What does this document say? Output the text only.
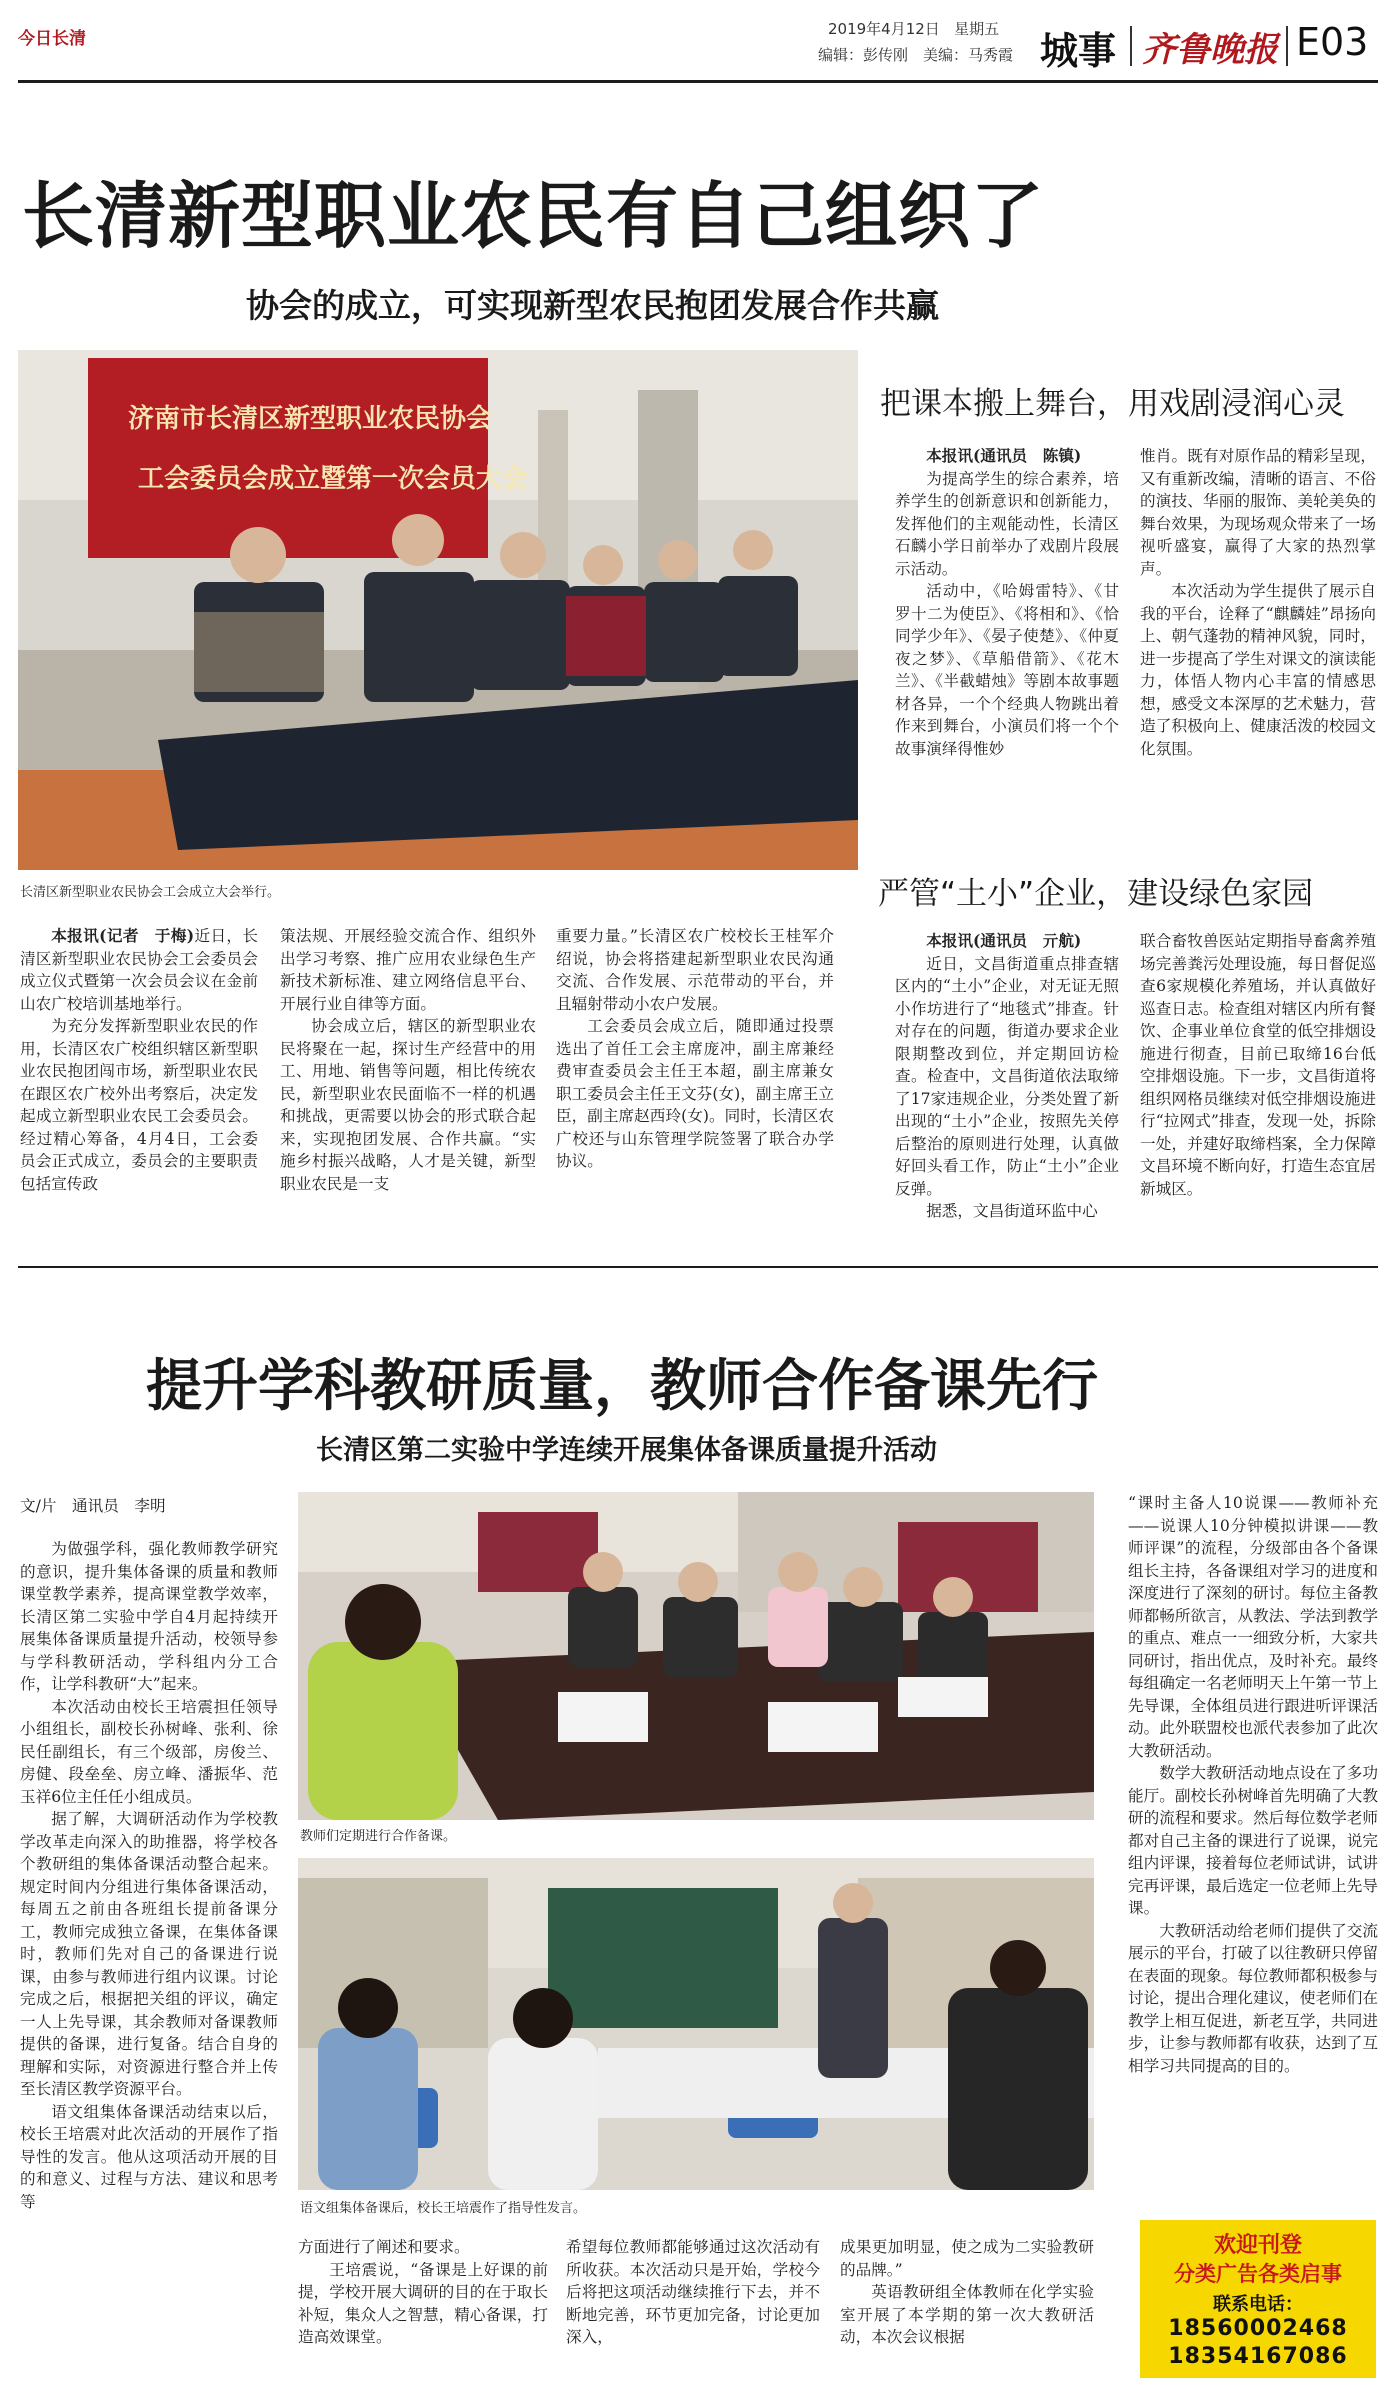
今日长清	2019年4月12日 星期五
编辑：彭传刚　美编：马秀霞 城事 齐鲁晚报 E03
长清新型职业农民有自己组织了
协会的成立，可实现新型农民抱团发展合作共赢
济南市长清区新型职业农民协会
工会委员会成立暨第一次会员大会
长清区新型职业农民协会工会成立大会举行。

本报讯(记者　于梅)近日，长清区新型职业农民协会工会委员会成立仪式暨第一次会员会议在金前山农广校培训基地举行。

为充分发挥新型职业农民的作用，长清区农广校组织辖区新型职业农民抱团闯市场，新型职业农民在跟区农广校外出考察后，决定发起成立新型职业农民工会委员会。经过精心筹备，4月4日，工会委员会正式成立，委员会的主要职责包括宣传政

策法规、开展经验交流合作、组织外出学习考察、推广应用农业绿色生产新技术新标准、建立网络信息平台、开展行业自律等方面。

协会成立后，辖区的新型职业农民将聚在一起，探讨生产经营中的用工、用地、销售等问题，相比传统农民，新型职业农民面临不一样的机遇和挑战，更需要以协会的形式联合起来，实现抱团发展、合作共赢。“实施乡村振兴战略，人才是关键，新型职业农民是一支

重要力量。”长清区农广校校长王桂军介绍说，协会将搭建起新型职业农民沟通交流、合作发展、示范带动的平台，并且辐射带动小农户发展。

工会委员会成立后，随即通过投票选出了首任工会主席庞冲，副主席兼经费审查委员会主任王本超，副主席兼女职工委员会主任王文芬(女)，副主席王立臣，副主席赵西玲(女)。同时，长清区农广校还与山东管理学院签署了联合办学协议。

把课本搬上舞台，用戏剧浸润心灵

本报讯(通讯员　陈镇)

为提高学生的综合素养，培养学生的创新意识和创新能力，发挥他们的主观能动性，长清区石麟小学日前举办了戏剧片段展示活动。

活动中，《哈姆雷特》、《甘罗十二为使臣》、《将相和》、《恰同学少年》、《晏子使楚》、《仲夏夜之梦》、《草船借箭》、《花木兰》、《半截蜡烛》等剧本故事题材各异，一个个经典人物跳出着作来到舞台，小演员们将一个个故事演绎得惟妙

惟肖。既有对原作品的精彩呈现，又有重新改编，清晰的语言、不俗的演技、华丽的服饰、美轮美奂的舞台效果，为现场观众带来了一场视听盛宴，赢得了大家的热烈掌声。

本次活动为学生提供了展示自我的平台，诠释了“麒麟娃”昂扬向上、朝气蓬勃的精神风貌，同时，进一步提高了学生对课文的演读能力，体悟人物内心丰富的情感思想，感受文本深厚的艺术魅力，营造了积极向上、健康活泼的校园文化氛围。

严管“土小”企业，建设绿色家园

本报讯(通讯员　亓航)

近日，文昌街道重点排查辖区内的“土小”企业，对无证无照小作坊进行了“地毯式”排查。针对存在的问题，街道办要求企业限期整改到位，并定期回访检查。检查中，文昌街道依法取缔了17家违规企业，分类处置了新出现的“土小”企业，按照先关停后整治的原则进行处理，认真做好回头看工作，防止“土小”企业反弹。

据悉，文昌街道环监中心

联合畜牧兽医站定期指导畜禽养殖场完善粪污处理设施，每日督促巡查6家规模化养殖场，并认真做好巡查日志。检查组对辖区内所有餐饮、企事业单位食堂的低空排烟设施进行彻查，目前已取缔16台低空排烟设施。下一步，文昌街道将组织网格员继续对低空排烟设施进行“拉网式”排查，发现一处，拆除一处，并建好取缔档案，全力保障文昌环境不断向好，打造生态宜居新城区。

提升学科教研质量，教师合作备课先行
长清区第二实验中学连续开展集体备课质量提升活动
文/片　通讯员　李明

为做强学科，强化教师教学研究的意识，提升集体备课的质量和教师课堂教学素养，提高课堂教学效率，长清区第二实验中学自4月起持续开展集体备课质量提升活动，校领导参与学科教研活动，学科组内分工合作，让学科教研“大”起来。

本次活动由校长王培震担任领导小组组长，副校长孙树峰、张利、徐民任副组长，有三个级部，房俊兰、房健、段垒垒、房立峰、潘振华、范玉祥6位主任任小组成员。

据了解，大调研活动作为学校教学改革走向深入的助推器，将学校各个教研组的集体备课活动整合起来。规定时间内分组进行集体备课活动，每周五之前由各班组长提前备课分工，教师完成独立备课，在集体备课时，教师们先对自己的备课进行说课，由参与教师进行组内议课。讨论完成之后，根据把关组的评议，确定一人上先导课，其余教师对备课教师提供的备课，进行复备。结合自身的理解和实际，对资源进行整合并上传至长清区教学资源平台。

语文组集体备课活动结束以后，校长王培震对此次活动的开展作了指导性的发言。他从这项活动开展的目的和意义、过程与方法、建议和思考等

教师们定期进行合作备课。
语文组集体备课后，校长王培震作了指导性发言。

方面进行了阐述和要求。

王培震说，“备课是上好课的前提，学校开展大调研的目的在于取长补短，集众人之智慧，精心备课，打造高效课堂。

希望每位教师都能够通过这次活动有所收获。本次活动只是开始，学校今后将把这项活动继续推行下去，并不断地完善，环节更加完备，讨论更加深入，

成果更加明显，使之成为二实验教研的品牌。”

英语教研组全体教师在化学实验室开展了本学期的第一次大教研活动，本次会议根据

“课时主备人10说课——教师补充——说课人10分钟模拟讲课——教师评课”的流程，分级部由各个备课组长主持，各备课组对学习的进度和深度进行了深刻的研讨。每位主备教师都畅所欲言，从教法、学法到教学的重点、难点一一细致分析，大家共同研讨，指出优点，及时补充。最终每组确定一名老师明天上午第一节上先导课，全体组员进行跟进听评课活动。此外联盟校也派代表参加了此次大教研活动。

数学大教研活动地点设在了多功能厅。副校长孙树峰首先明确了大教研的流程和要求。然后每位数学老师都对自己主备的课进行了说课，说完组内评课，接着每位老师试讲，试讲完再评课，最后选定一位老师上先导课。

大教研活动给老师们提供了交流展示的平台，打破了以往教研只停留在表面的现象。每位教师都积极参与讨论，提出合理化建议，使老师们在教学上相互促进，新老互学，共同进步，让参与教师都有收获，达到了互相学习共同提高的目的。

欢迎刊登
分类广告各类启事
联系电话：
18560002468
18354167086
